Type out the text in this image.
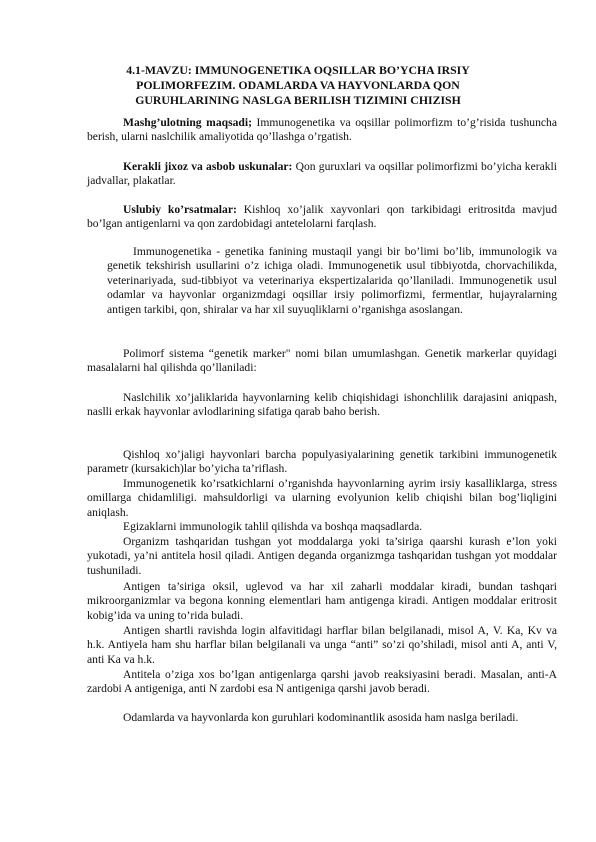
4.1-MAVZU: IMMUNOGENETIKA OQSILLAR BO’YCHA IRSIY POLIMORFEZIM. ODAMLARDA VA HAYVONLARDA QON GURUHLARINING NASLGA BERILISH TIZIMINI CHIZISH
Mashg’ulotning maqsadi; Immunogenetika va oqsillar polimorfizm to’g’risida tushuncha berish, ularni naslchilik amaliyotida qo’llashga o’rgatish.
Kerakli jixoz va asbob uskunalar: Qon guruxlari va oqsillar polimorfizmi bo’yicha kerakli jadvallar, plakatlar.
Uslubiy ko’rsatmalar: Kishloq xo’jalik xayvonlari qon tarkibidagi eritrositda mavjud bo’lgan antigenlarni va qon zardobidagi antetelolarni farqlash.
Immunogenetika - genetika fanining mustaqil yangi bir bo’limi bo’lib, immunologik va genetik tekshirish usullarini o’z ichiga oladi. Immunogenetik usul tibbiyotda, chorvachilikda, veterinariyada, sud-tibbiyot va veterinariya ekspertizalarida qo’llaniladi. Immunogenetik usul odamlar va hayvonlar organizmdagi oqsillar irsiy polimorfizmi, fermentlar, hujayralarning antigen tarkibi, qon, shiralar va har xil suyuqliklarni o’rganishga asoslangan.
Polimorf sistema “genetik marker" nomi bilan umumlashgan. Genetik markerlar quyidagi masalalarni hal qilishda qo’llaniladi:
Naslchilik xo’jaliklarida hayvonlarning kelib chiqishidagi ishonchlilik darajasini aniqpash, naslli erkak hayvonlar avlodlarining sifatiga qarab baho berish.
Qishloq xo’jaligi hayvonlari barcha populyasiyalarining genetik tarkibini immunogenetik parametr (kursakich)lar bo’yicha ta’riflash.
Immunogenetik ko’rsatkichlarni o’rganishda hayvonlarning ayrim irsiy kasalliklarga, stress omillarga chidamliligi. mahsuldorligi va ularning evolyunion kelib chiqishi bilan bog’liqligini aniqlash.
Egizaklarni immunologik tahlil qilishda va boshqa maqsadlarda.
Organizm tashqaridan tushgan yot moddalarga yoki ta’siriga qaarshi kurash e’lon yoki yukotadi, ya’ni antitela hosil qiladi. Antigen deganda organizmga tashqaridan tushgan yot moddalar tushuniladi.
Antigen ta’siriga oksil, uglevod va har xil zaharli moddalar kiradi, bundan tashqari mikroorganizmlar va begona konning elementlari ham antigenga kiradi. Antigen moddalar eritrosit kobig’ida va uning to’rida buladi.
Antigen shartli ravishda login alfavitidagi harflar bilan belgilanadi, misol A, V. Ka, Kv va h.k. Antiyela ham shu harflar bilan belgilanali va unga “anti” so’zi qo’shiladi, misol anti A, anti V, anti Ka va h.k.
Antitela o’ziga xos bo’lgan antigenlarga qarshi javob reaksiyasini beradi. Masalan, anti-A zardobi A antigeniga, anti N zardobi esa N antigeniga qarshi javob beradi.
Odamlarda va hayvonlarda kon guruhlari kodominantlik asosida ham naslga beriladi.
